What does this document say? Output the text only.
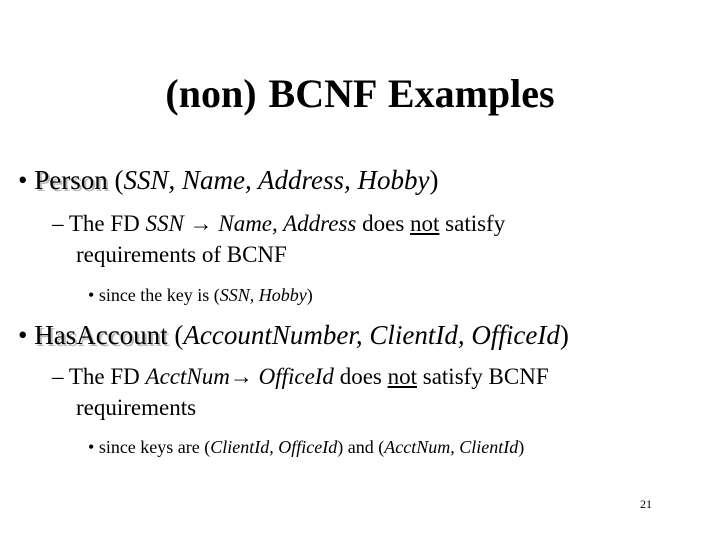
(non) BCNF Examples
• Person (SSN, Name, Address, Hobby)
– The FD SSN → Name, Address does not satisfy
requirements of BCNF
• since the key is (SSN, Hobby)
• HasAccount (AccountNumber, ClientId, OfficeId)
– The FD AcctNum→ OfficeId does not satisfy BCNF
requirements
• since keys are (ClientId, OfficeId) and (AcctNum, ClientId)
21
